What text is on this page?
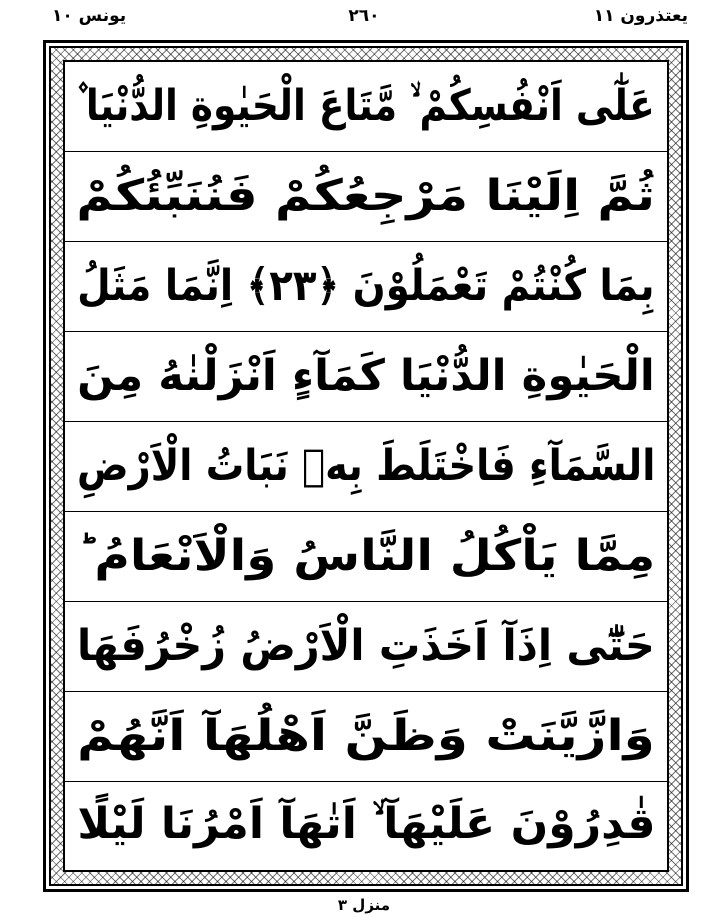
يونس ١٠	٢٦٠	يعتذرون ١١
عَلٰٓى اَنْفُسِكُمْ ۙ مَّتَاعَ الْحَيٰوةِ الدُّنْيَا ۫
ثُمَّ اِلَيْنَا مَرْجِعُكُمْ فَنُنَبِّئُكُمْ
بِمَا كُنْتُمْ تَعْمَلُوْنَ ﴿٢٣﴾ اِنَّمَا مَثَلُ
الْحَيٰوةِ الدُّنْيَا كَمَآءٍ اَنْزَلْنٰهُ مِنَ
السَّمَآءِ فَاخْتَلَطَ بِهٖ نَبَاتُ الْاَرْضِ
مِمَّا يَاْكُلُ النَّاسُ وَالْاَنْعَامُ ؕ
حَتّٰٓى اِذَآ اَخَذَتِ الْاَرْضُ زُخْرُفَهَا
وَازَّيَّنَتْ وَظَنَّ اَهْلُهَآ اَنَّهُمْ
قٰدِرُوْنَ عَلَيْهَآ ۙ اَتٰهَآ اَمْرُنَا لَيْلًا
منزل ٣
